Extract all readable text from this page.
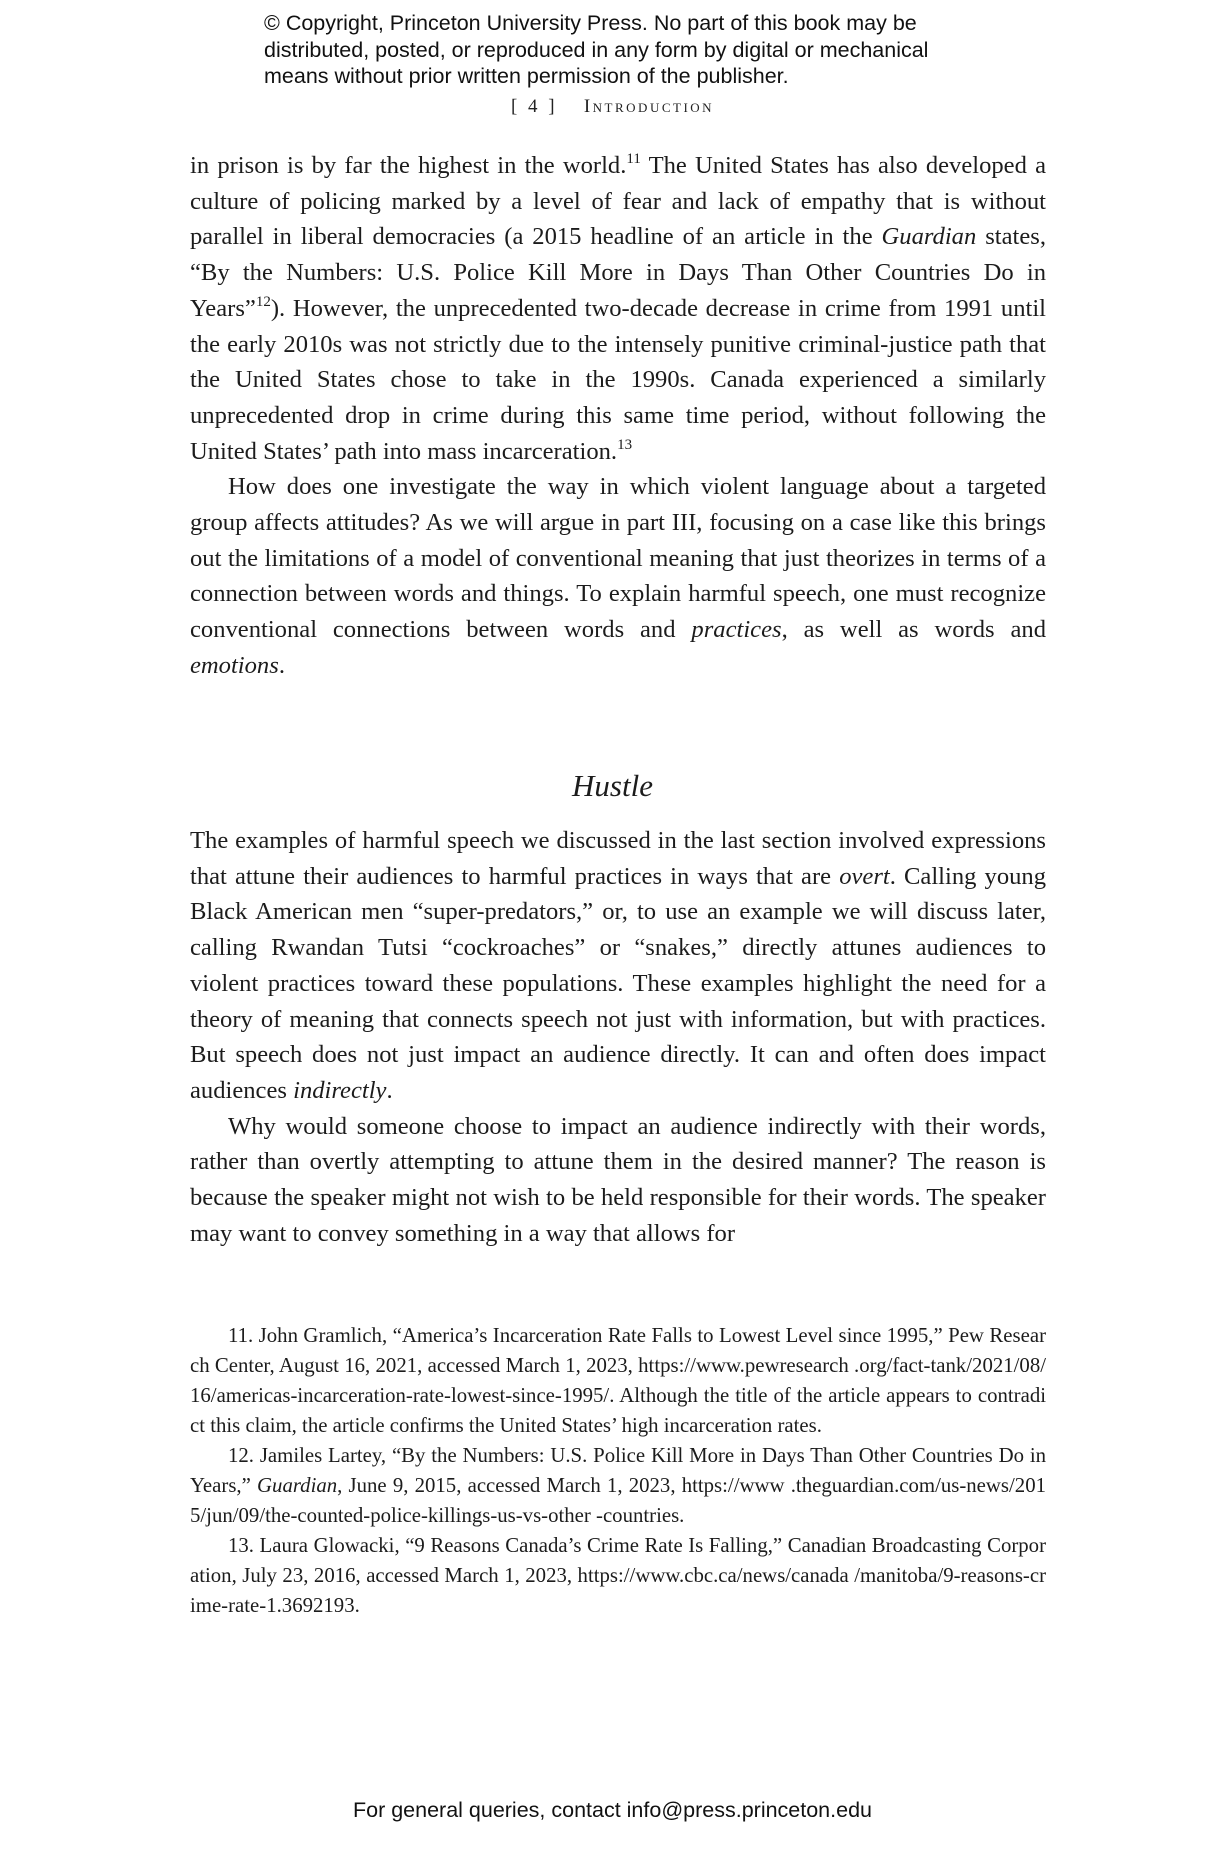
© Copyright, Princeton University Press. No part of this book may be
distributed, posted, or reproduced in any form by digital or mechanical
means without prior written permission of the publisher.
[ 4 ] Introduction

in prison is by far the highest in the world.$^{11}$ The United States has also developed a culture of policing marked by a level of fear and lack of empathy that is without parallel in liberal democracies (a 2015 headline of an article in the Guardian states, “By the Numbers: U.S. Police Kill More in Days Than Other Countries Do in Years”$^{12}$). However, the unprecedented two-decade decrease in crime from 1991 until the early 2010s was not strictly due to the intensely punitive criminal-justice path that the United States chose to take in the 1990s. Canada experienced a similarly unprecedented drop in crime during this same time period, without following the United States’ path into mass incarceration.$^{13}$

How does one investigate the way in which violent language about a targeted group affects attitudes? As we will argue in part III, focusing on a case like this brings out the limitations of a model of conventional meaning that just theorizes in terms of a connection between words and things. To explain harmful speech, one must recognize conventional connections between words and practices, as well as words and emotions.

Hustle

The examples of harmful speech we discussed in the last section involved expressions that attune their audiences to harmful practices in ways that are overt. Calling young Black American men “super-predators,” or, to use an example we will discuss later, calling Rwandan Tutsi “cockroaches” or “snakes,” directly attunes audiences to violent practices toward these populations. These examples highlight the need for a theory of meaning that connects speech not just with information, but with practices. But speech does not just impact an audience directly. It can and often does impact audiences indirectly.

Why would someone choose to impact an audience indirectly with their words, rather than overtly attempting to attune them in the desired manner? The reason is because the speaker might not wish to be held responsible for their words. The speaker may want to convey something in a way that allows for

11. John Gramlich, “America’s Incarceration Rate Falls to Lowest Level since 1995,” Pew Research Center, August 16, 2021, accessed March 1, 2023, https://www.pewresearch .org/fact-tank/2021/08/16/americas-incarceration-rate-lowest-since-1995/. Although the title of the article appears to contradict this claim, the article confirms the United States’ high incarceration rates.

12. Jamiles Lartey, “By the Numbers: U.S. Police Kill More in Days Than Other Countries Do in Years,” Guardian, June 9, 2015, accessed March 1, 2023, https://www .theguardian.com/us-news/2015/jun/09/the-counted-police-killings-us-vs-other -countries.

13. Laura Glowacki, “9 Reasons Canada’s Crime Rate Is Falling,” Canadian Broadcasting Corporation, July 23, 2016, accessed March 1, 2023, https://www.cbc.ca/news/canada /manitoba/9-reasons-crime-rate-1.3692193.

For general queries, contact info@press.princeton.edu
